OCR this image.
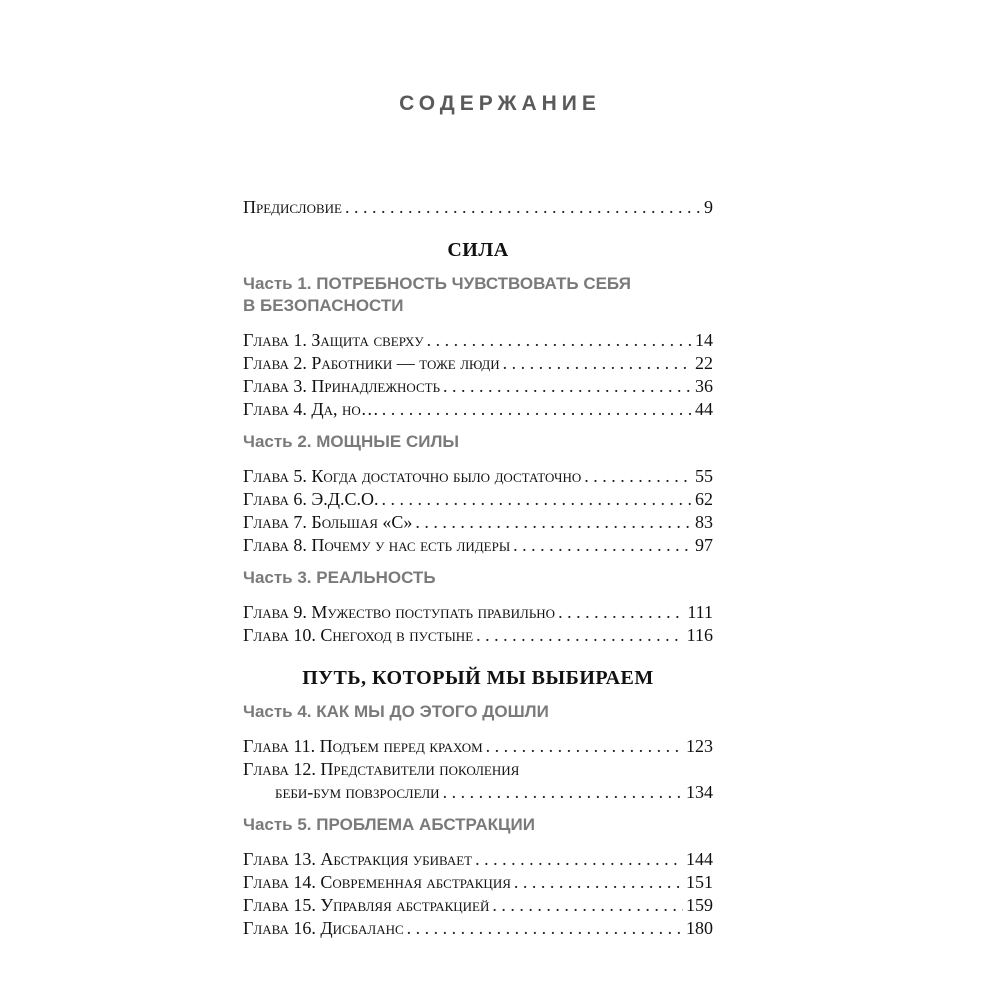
СОДЕРЖАНИЕ
Предисловие . . .	9
СИЛА
Часть 1. ПОТРЕБНОСТЬ ЧУВСТВОВАТЬ СЕБЯ
В БЕЗОПАСНОСТИ
Глава 1. Защита сверху . . .	14
Глава 2. Работники — тоже люди . . .	22
Глава 3. Принадлежность . . .	36
Глава 4. Да, но… . . .	44
Часть 2. МОЩНЫЕ СИЛЫ
Глава 5. Когда достаточно было достаточно . . .	55
Глава 6. Э.Д.С.О. . . .	62
Глава 7. Большая «С» . . .	83
Глава 8. Почему у нас есть лидеры . . .	97
Часть 3. РЕАЛЬНОСТЬ
Глава 9. Мужество поступать правильно . . .	111
Глава 10. Снегоход в пустыне . . .	116
ПУТЬ, КОТОРЫЙ МЫ ВЫБИРАЕМ
Часть 4. КАК МЫ ДО ЭТОГО ДОШЛИ
Глава 11. Подъем перед крахом . . .	123
Глава 12. Представители поколения
беби-бум повзрослели . . .	134
Часть 5. ПРОБЛЕМА АБСТРАКЦИИ
Глава 13. Абстракция убивает . . .	144
Глава 14. Современная абстракция . . .	151
Глава 15. Управляя абстракцией . . .	159
Глава 16. Дисбаланс . . .	180
